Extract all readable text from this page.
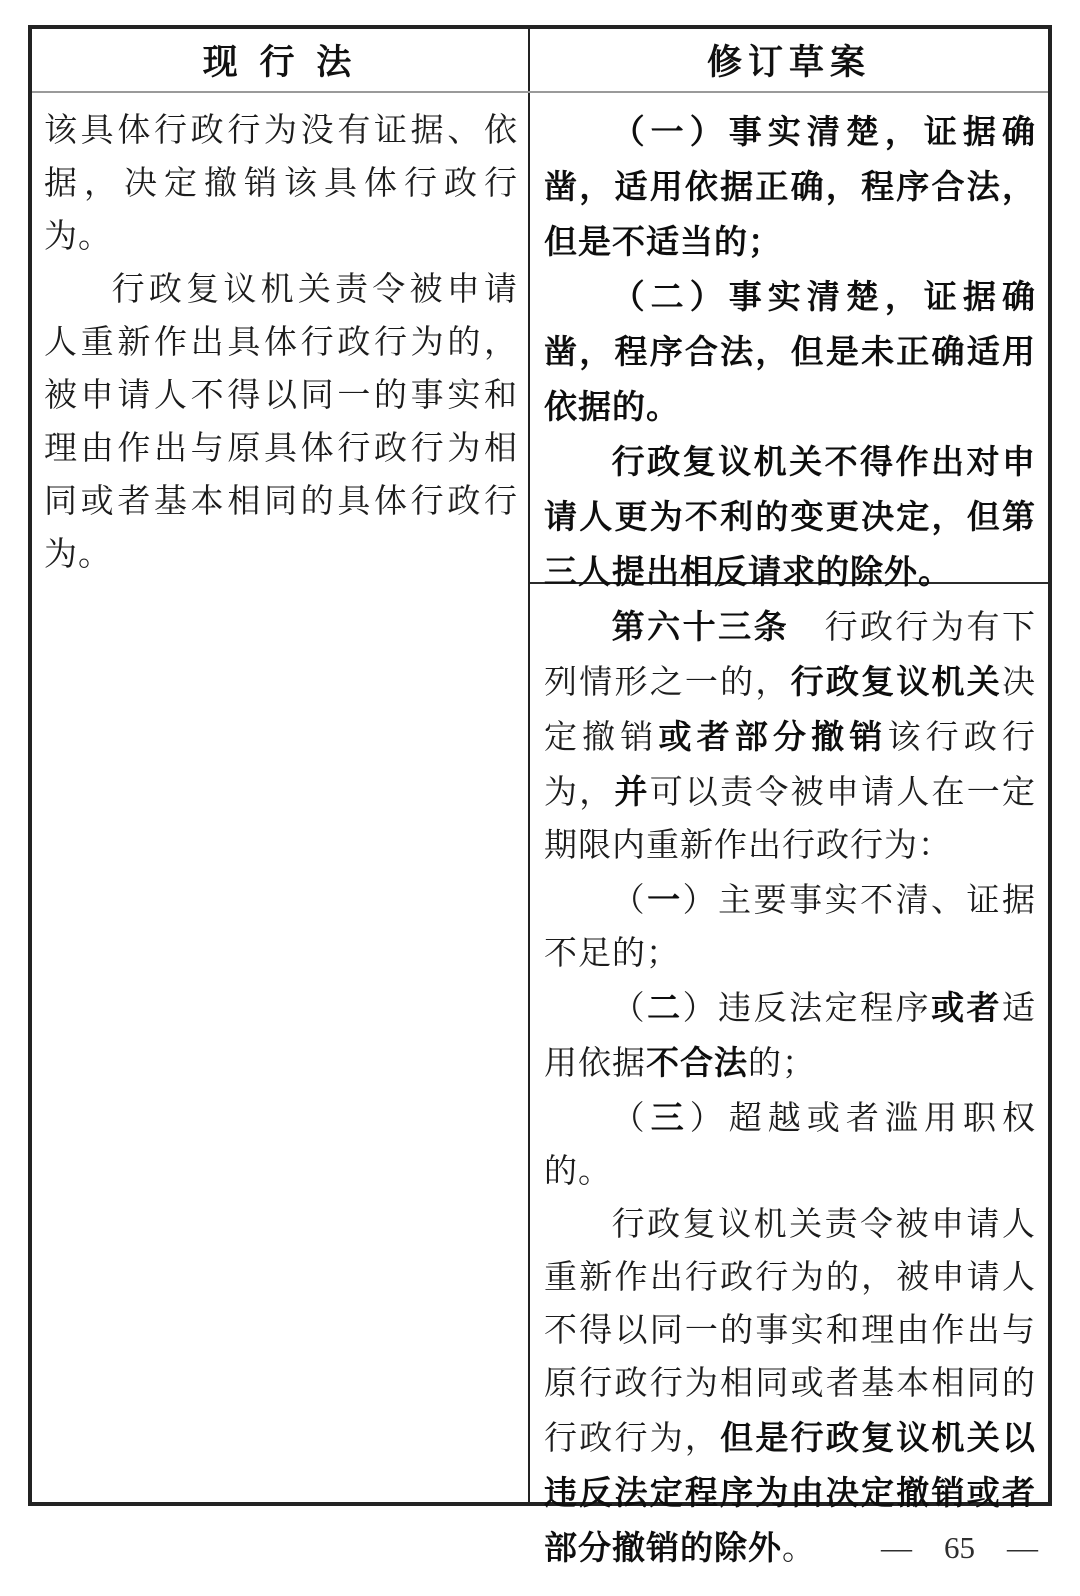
现 行 法	修订草案

该具体行政行为没有证据、依据，决定撤销该具体行政行为。

行政复议机关责令被申请人重新作出具体行政行为的，被申请人不得以同一的事实和理由作出与原具体行政行为相同或者基本相同的具体行政行为。

（一）事实清楚，证据确凿，适用依据正确，程序合法，但是不适当的；

（二）事实清楚，证据确凿，程序合法，但是未正确适用依据的。

行政复议机关不得作出对申请人更为不利的变更决定，但第三人提出相反请求的除外。

第六十三条　行政行为有下列情形之一的，行政复议机关决定撤销或者部分撤销该行政行为，并可以责令被申请人在一定期限内重新作出行政行为：

（一）主要事实不清、证据不足的；

（二）违反法定程序或者适用依据不合法的；

（三）超越或者滥用职权的。

行政复议机关责令被申请人重新作出行政行为的，被申请人不得以同一的事实和理由作出与原行政行为相同或者基本相同的行政行为，但是行政复议机关以违反法定程序为由决定撤销或者部分撤销的除外。	— 65 —
